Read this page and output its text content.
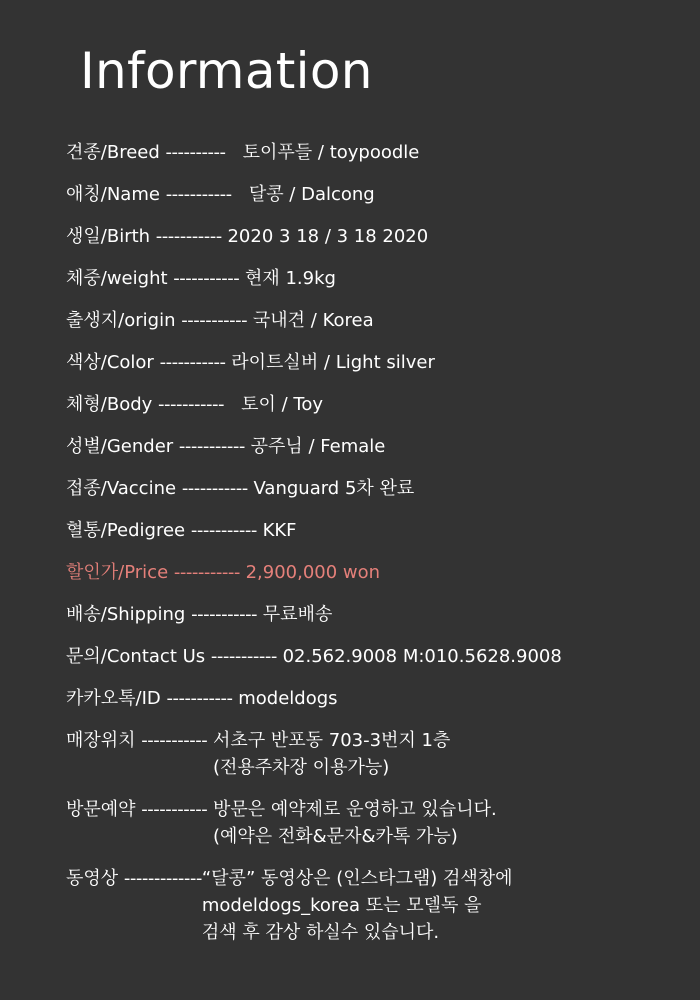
Information
견종/Breed ---------- 토이푸들 / toypoodle
애칭/Name ----------- 달콩 / Dalcong
생일/Birth ----------- 2020 3 18 / 3 18 2020
체중/weight ----------- 현재 1.9kg
출생지/origin ----------- 국내견 / Korea
색상/Color ----------- 라이트실버 / Light silver
체형/Body ----------- 토이 / Toy
성별/Gender ----------- 공주님 / Female
접종/Vaccine ----------- Vanguard 5차 완료
혈통/Pedigree ----------- KKF
할인가/Price ----------- 2,900,000 won
배송/Shipping ----------- 무료배송
문의/Contact Us ----------- 02.562.9008 M:010.5628.9008
카카오톡/ID ----------- modeldogs
매장위치 ----------- 서초구 반포동 703-3번지 1층
(전용주차장 이용가능)
방문예약 ----------- 방문은 예약제로 운영하고 있습니다.
(예약은 전화&문자&카톡 가능)
동영상 ------------- “달콩” 동영상은 (인스타그램) 검색창에
modeldogs_korea 또는 모델독 을
검색 후 감상 하실수 있습니다.
